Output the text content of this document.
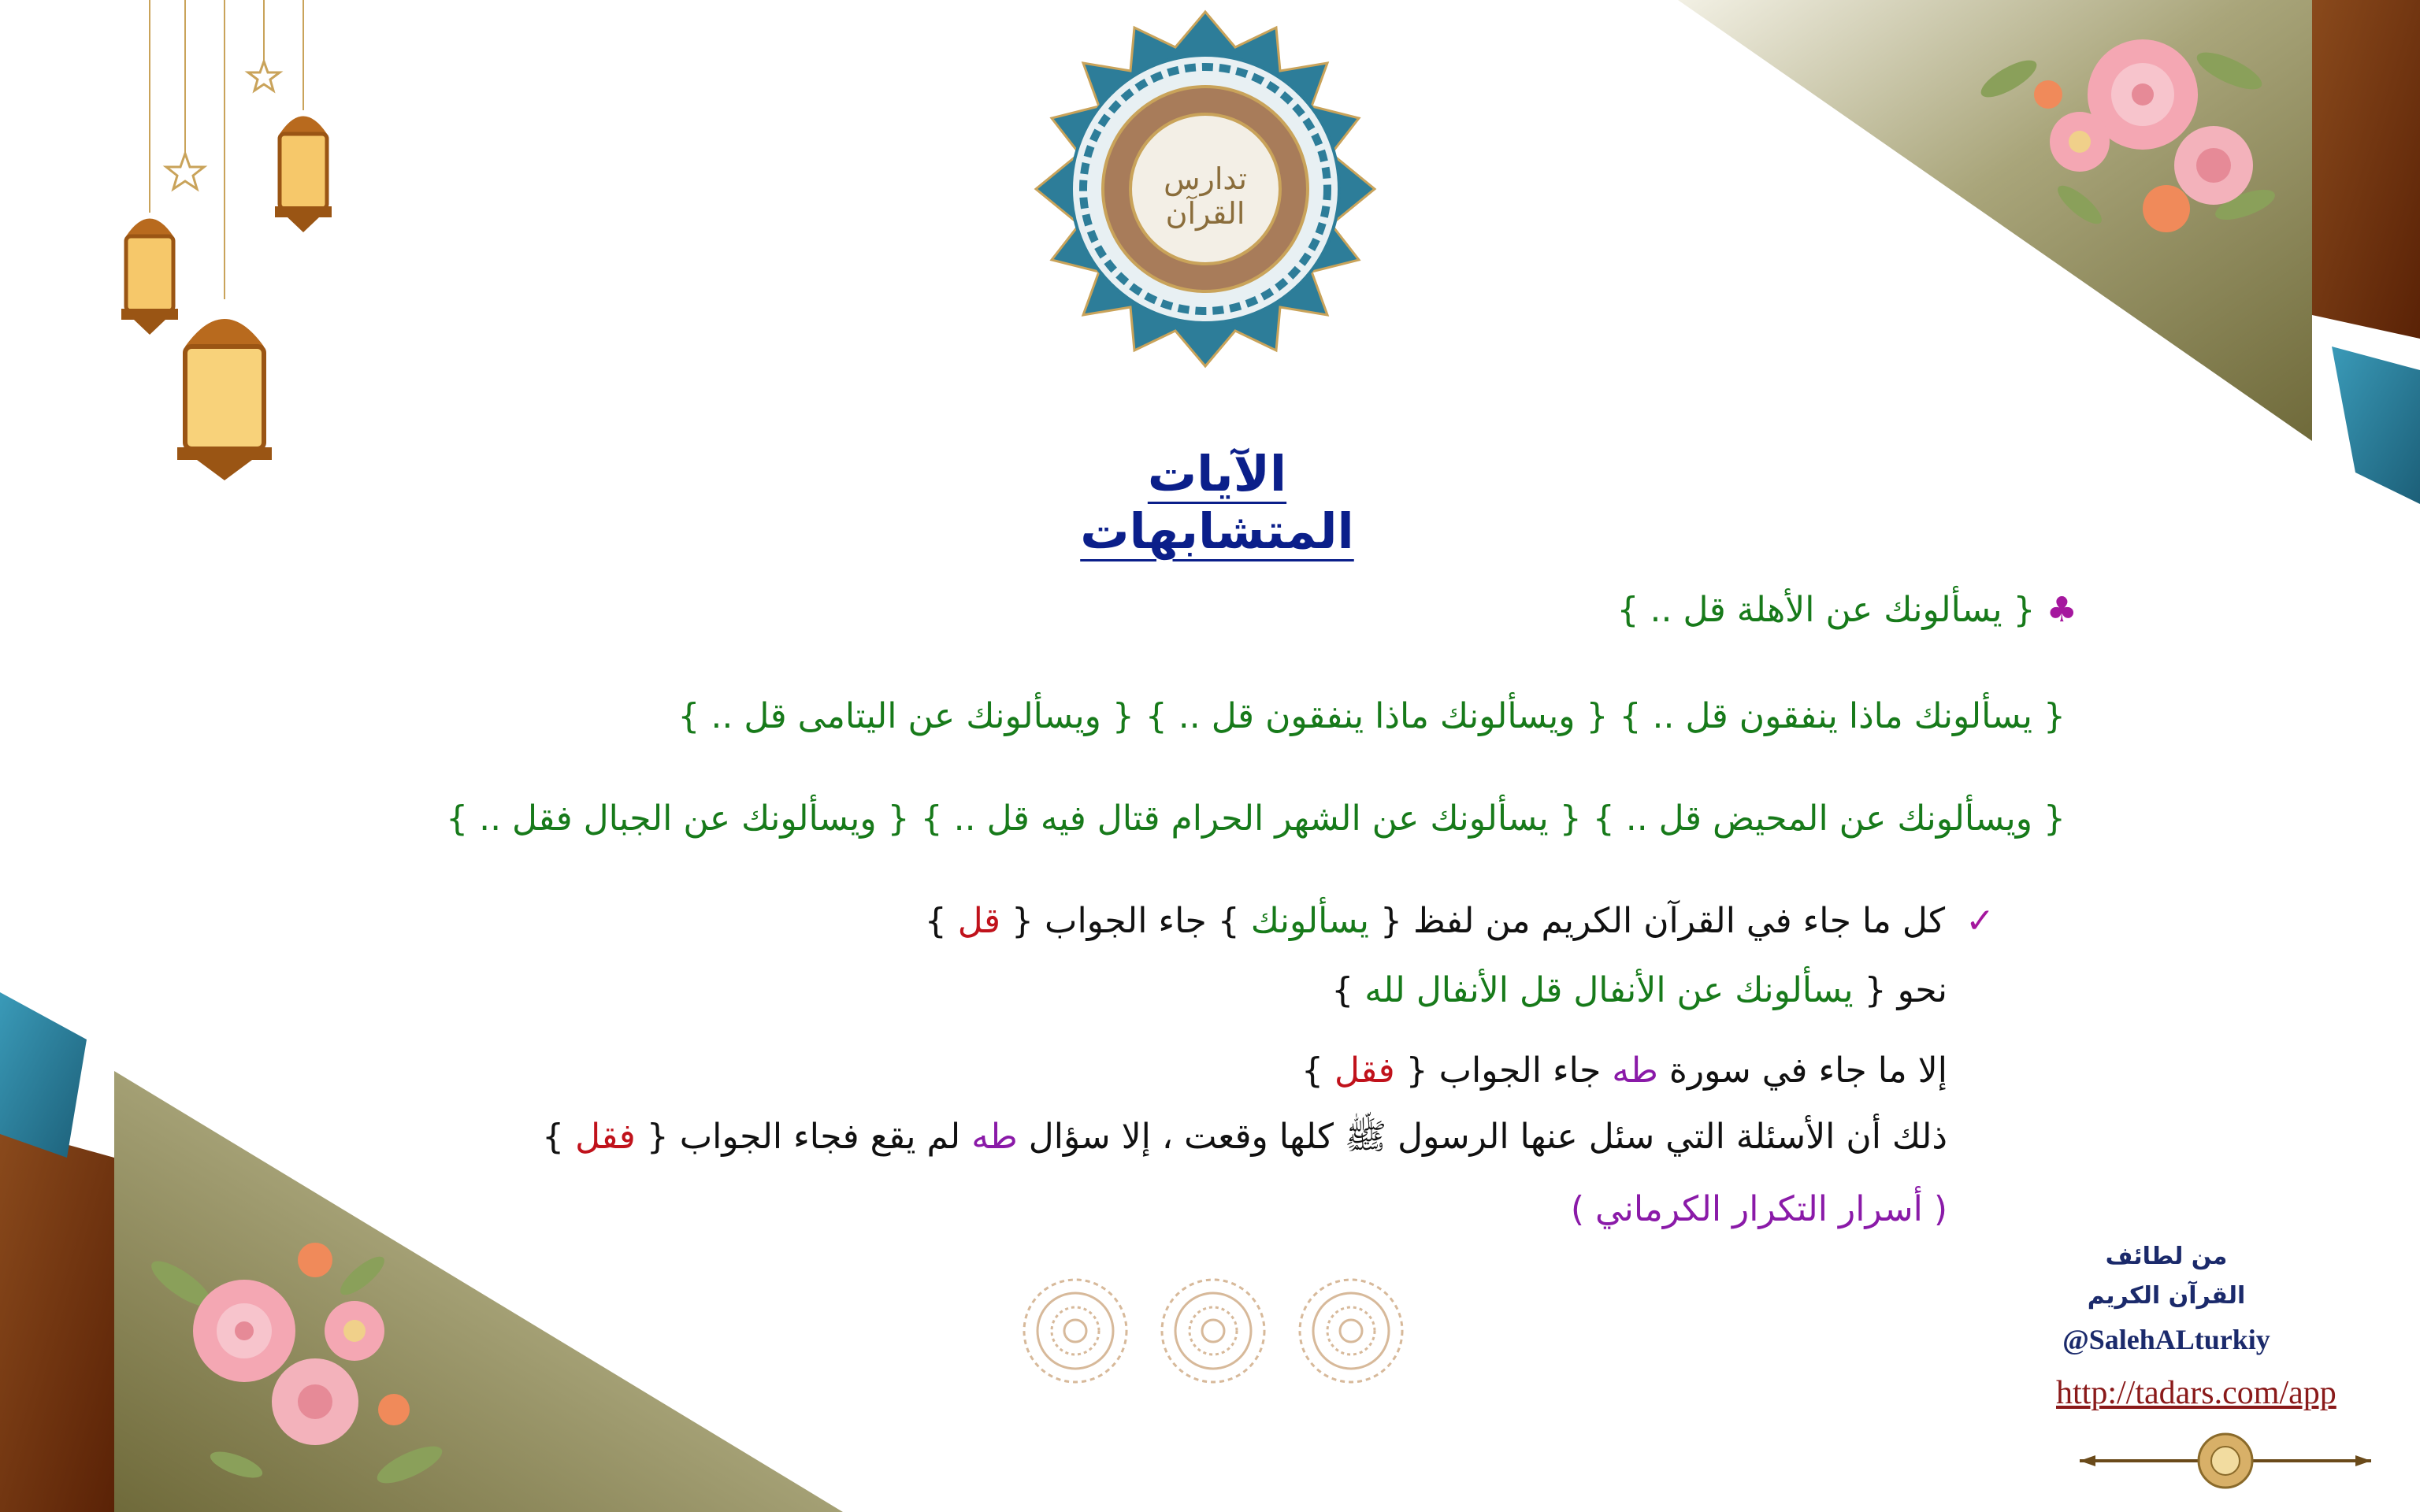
تدارس القرآن
الآيات المتشابهات
♣ { يسألونك عن الأهلة قل .. }
{ يسألونك ماذا ينفقون قل .. } { ويسألونك ماذا ينفقون قل .. } { ويسألونك عن اليتامى قل .. }
{ ويسألونك عن المحيض قل .. } { يسألونك عن الشهر الحرام قتال فيه قل .. } { ويسألونك عن الجبال فقل .. }
✓كل ما جاء في القرآن الكريم من لفظ { يسألونك } جاء الجواب { قل }
نحو { يسألونك عن الأنفال قل الأنفال لله }
إلا ما جاء في سورة طه جاء الجواب { فقل }
ذلك أن الأسئلة التي سئل عنها الرسول ﷺ كلها وقعت ، إلا سؤال طه لم يقع فجاء الجواب { فقل }
( أسرار التكرار الكرماني )
من لطائف
القرآن الكريم
@SalehALturkiy
http://tadars.com/app
